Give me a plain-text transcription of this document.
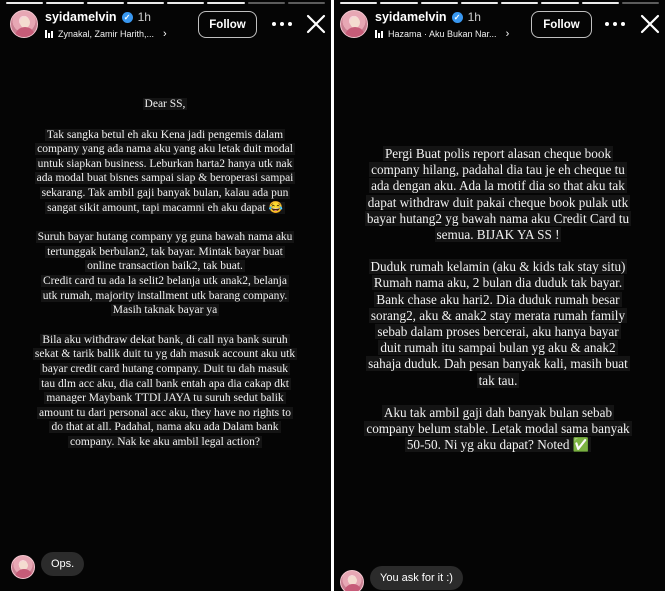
syidamelvin ✓ 1h
Zynakal, Zamir Harith,... ›
Follow

Dear SS,

Tak sangka betul eh aku Kena jadi pengemis dalam
company yang ada nama aku yang aku letak duit modal
untuk siapkan business. Leburkan harta2 hanya utk nak
ada modal buat bisnes sampai siap & beroperasi sampai
sekarang. Tak ambil gaji banyak bulan, kalau ada pun
sangat sikit amount, tapi macamni eh aku dapat 😂

Suruh bayar hutang company yg guna bawah nama aku
tertunggak berbulan2, tak bayar. Mintak bayar buat
online transaction baik2, tak buat.
Credit card tu ada la selit2 belanja utk anak2, belanja
utk rumah, majority installment utk barang company.
Masih taknak bayar ya

Bila aku withdraw dekat bank, di call nya bank suruh
sekat & tarik balik duit tu yg dah masuk account aku utk
bayar credit card hutang company. Duit tu dah masuk
tau dlm acc aku, dia call bank entah apa dia cakap dkt
manager Maybank TTDI JAYA tu suruh sedut balik
amount tu dari personal acc aku, they have no rights to
do that at all. Padahal, nama aku ada Dalam bank
company. Nak ke aku ambil legal action?

Ops.
syidamelvin ✓ 1h
Hazama · Aku Bukan Nar... ›
Follow

Pergi Buat polis report alasan cheque book
company hilang, padahal dia tau je eh cheque tu
ada dengan aku. Ada la motif dia so that aku tak
dapat withdraw duit pakai cheque book pulak utk
bayar hutang2 yg bawah nama aku Credit Card tu
semua. BIJAK YA SS !

Duduk rumah kelamin (aku & kids tak stay situ)
Rumah nama aku, 2 bulan dia duduk tak bayar.
Bank chase aku hari2. Dia duduk rumah besar
sorang2, aku & anak2 stay merata rumah family
sebab dalam proses bercerai, aku hanya bayar
duit rumah itu sampai bulan yg aku & anak2
sahaja duduk. Dah pesan banyak kali, masih buat
tak tau.

Aku tak ambil gaji dah banyak bulan sebab
company belum stable. Letak modal sama banyak
50-50. Ni yg aku dapat? Noted ✅

You ask for it :)
